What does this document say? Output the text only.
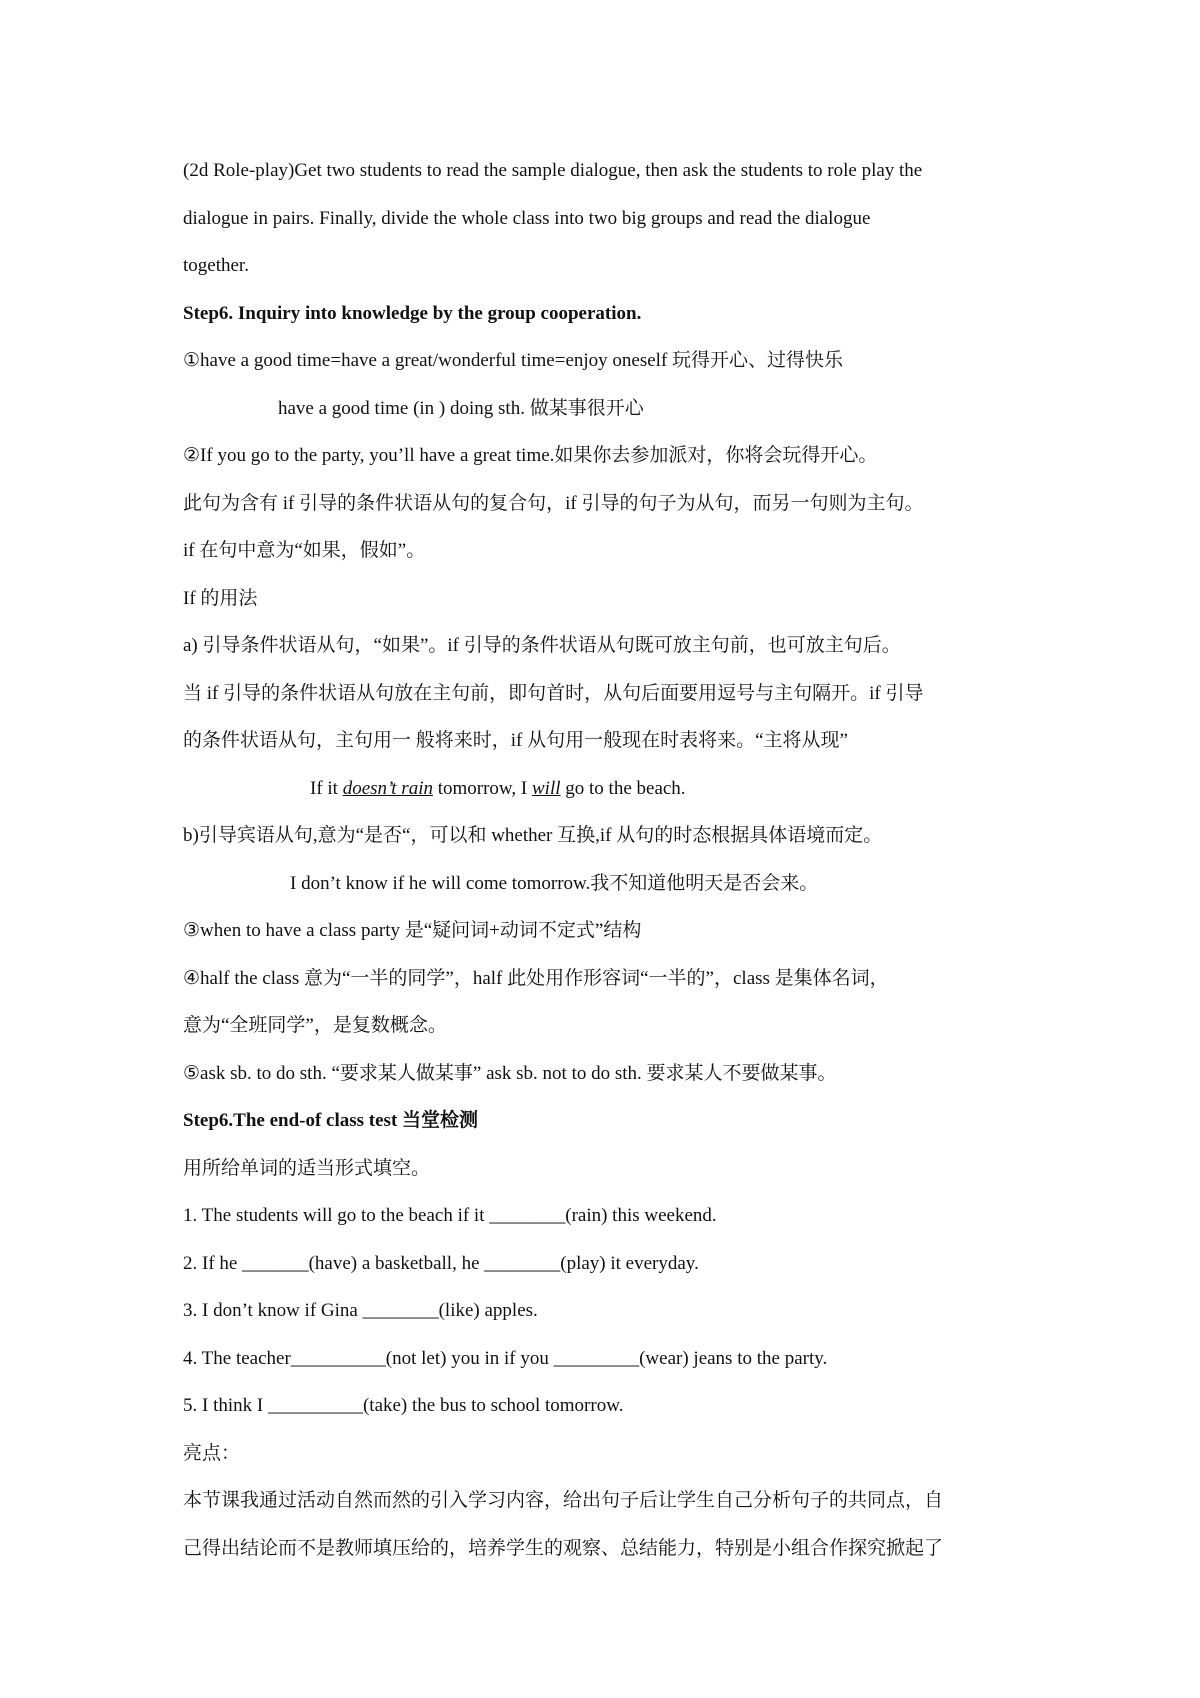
(2d Role-play)Get two students to read the sample dialogue, then ask the students to role play the
dialogue in pairs. Finally, divide the whole class into two big groups and read the dialogue
together.
Step6. Inquiry into knowledge by the group cooperation.
①have a good time=have a great/wonderful time=enjoy oneself 玩得开心、过得快乐
have a good time (in ) doing sth. 做某事很开心
②If you go to the party, you’ll have a great time.如果你去参加派对，你将会玩得开心。
此句为含有 if 引导的条件状语从句的复合句，if 引导的句子为从句，而另一句则为主句。
if 在句中意为“如果，假如”。
If 的用法
a) 引导条件状语从句，“如果”。if 引导的条件状语从句既可放主句前，也可放主句后。
当 if 引导的条件状语从句放在主句前，即句首时，从句后面要用逗号与主句隔开。if 引导
的条件状语从句，主句用一 般将来时，if 从句用一般现在时表将来。“主将从现”
If it doesn’t rain tomorrow, I will go to the beach.
b)引导宾语从句,意为“是否“，可以和 whether 互换,if 从句的时态根据具体语境而定。
I don’t know if he will come tomorrow.我不知道他明天是否会来。
③when to have a class party 是“疑问词+动词不定式”结构
④half the class 意为“一半的同学”，half 此处用作形容词“一半的”，class 是集体名词，
意为“全班同学”，是复数概念。
⑤ask sb. to do sth. “要求某人做某事” ask sb. not to do sth. 要求某人不要做某事。
Step6.The end-of class test 当堂检测
用所给单词的适当形式填空。
1. The students will go to the beach if it ________(rain) this weekend.
2. If he _______(have) a basketball, he ________(play) it everyday.
3. I don’t know if Gina ________(like) apples.
4. The teacher__________(not let) you in if you _________(wear) jeans to the party.
5. I think I __________(take) the bus to school tomorrow.
亮点：
本节课我通过活动自然而然的引入学习内容，给出句子后让学生自己分析句子的共同点，自
己得出结论而不是教师填压给的，培养学生的观察、总结能力，特别是小组合作探究掀起了
